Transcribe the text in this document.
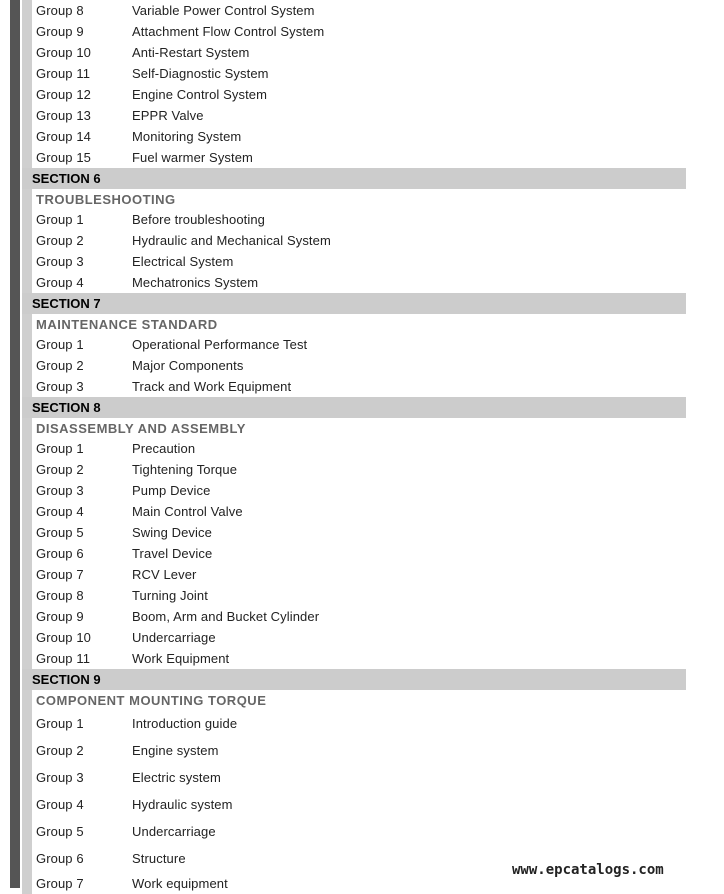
Group 8	Variable Power Control System
Group 9	Attachment Flow Control System
Group 10	Anti-Restart System
Group 11	Self-Diagnostic System
Group 12	Engine Control System
Group 13	EPPR Valve
Group 14	Monitoring System
Group 15	Fuel warmer System
SECTION 6
TROUBLESHOOTING
Group 1	Before troubleshooting
Group 2	Hydraulic and Mechanical System
Group 3	Electrical System
Group 4	Mechatronics System
SECTION 7
MAINTENANCE STANDARD
Group 1	Operational Performance Test
Group 2	Major Components
Group 3	Track and Work Equipment
SECTION 8
DISASSEMBLY AND ASSEMBLY
Group 1	Precaution
Group 2	Tightening Torque
Group 3	Pump Device
Group 4	Main Control Valve
Group 5	Swing Device
Group 6	Travel Device
Group 7	RCV Lever
Group 8	Turning Joint
Group 9	Boom, Arm and Bucket Cylinder
Group 10	Undercarriage
Group 11	Work Equipment
SECTION 9
COMPONENT MOUNTING TORQUE
Group 1	Introduction guide
Group 2	Engine system
Group 3	Electric system
Group 4	Hydraulic system
Group 5	Undercarriage
Group 6	Structure
Group 7	Work equipment
www.epcatalogs.com
